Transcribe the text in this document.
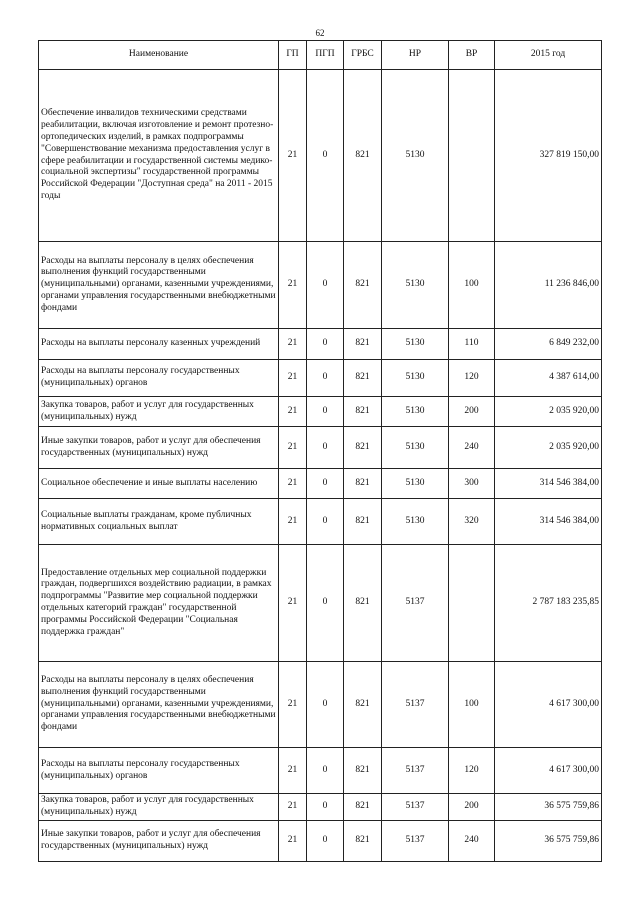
62
Наименование	ГП	ПГП	ГРБС	НР	ВР	2015 год
Обеспечение инвалидов техническими средствами реабилитации, включая изготовление и ремонт протезно-ортопедических изделий, в рамках подпрограммы "Совершенствование механизма предоставления услуг в сфере реабилитации и государственной системы медико-социальной экспертизы" государственной программы Российской Федерации "Доступная среда" на 2011 - 2015 годы	21	0	821	5130		327 819 150,00
Расходы на выплаты персоналу в целях обеспечения выполнения функций государственными (муниципальными) органами, казенными учреждениями, органами управления государственными внебюджетными фондами	21	0	821	5130	100	11 236 846,00
Расходы на выплаты персоналу казенных учреждений	21	0	821	5130	110	6 849 232,00
Расходы на выплаты персоналу государственных (муниципальных) органов	21	0	821	5130	120	4 387 614,00
Закупка товаров, работ и услуг для государственных (муниципальных) нужд	21	0	821	5130	200	2 035 920,00
Иные закупки товаров, работ и услуг для обеспечения государственных (муниципальных) нужд	21	0	821	5130	240	2 035 920,00
Социальное обеспечение и иные выплаты населению	21	0	821	5130	300	314 546 384,00
Социальные выплаты гражданам, кроме публичных нормативных социальных выплат	21	0	821	5130	320	314 546 384,00
Предоставление отдельных мер социальной поддержки граждан, подвергшихся воздействию радиации, в рамках подпрограммы "Развитие мер социальной поддержки отдельных категорий граждан" государственной программы Российской Федерации "Социальная поддержка граждан"	21	0	821	5137		2 787 183 235,85
Расходы на выплаты персоналу в целях обеспечения выполнения функций государственными (муниципальными) органами, казенными учреждениями, органами управления государственными внебюджетными фондами	21	0	821	5137	100	4 617 300,00
Расходы на выплаты персоналу государственных (муниципальных) органов	21	0	821	5137	120	4 617 300,00
Закупка товаров, работ и услуг для государственных (муниципальных) нужд	21	0	821	5137	200	36 575 759,86
Иные закупки товаров, работ и услуг для обеспечения государственных (муниципальных) нужд	21	0	821	5137	240	36 575 759,86
